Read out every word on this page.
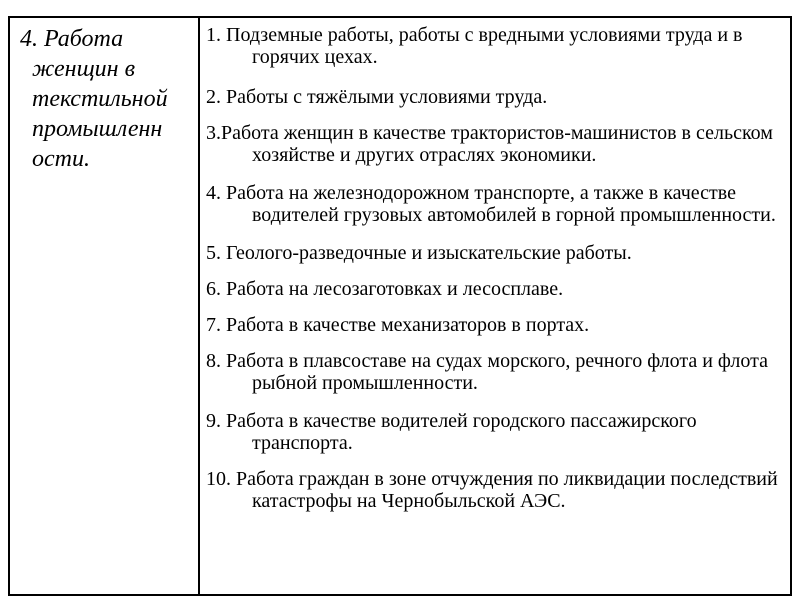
4. Работа
женщин в
текстильной
промышленн
ости.

1. Подземные работы, работы с вредными условиями труда и в горячих цехах.

2. Работы с тяжёлыми условиями труда.

3.Работа женщин в качестве трактористов-машинистов в сельском хозяйстве и других отраслях экономики.

4. Работа на железнодорожном транспорте, а также в качестве водителей грузовых автомобилей в горной промышленности.

5. Геолого-разведочные и изыскательские работы.

6. Работа на лесозаготовках и лесосплаве.

7. Работа в качестве механизаторов в портах.

8. Работа в плавсоставе на судах морского, речного флота и флота рыбной промышленности.

9. Работа в качестве водителей городского пассажирского транспорта.

10. Работа граждан в зоне отчуждения по ликвидации последствий катастрофы на Чернобыльской АЭС.
